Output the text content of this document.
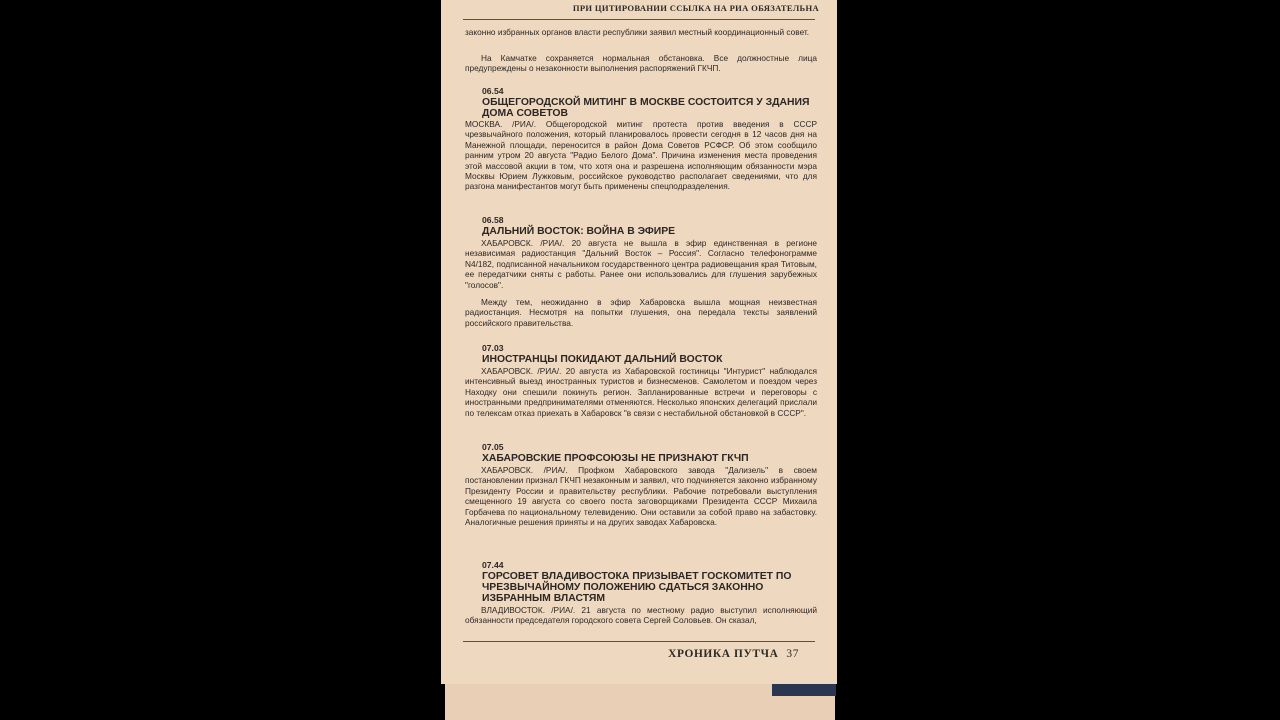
ПРИ ЦИТИРОВАНИИ ССЫЛКА НА РИА ОБЯЗАТЕЛЬНА

законно избранных органов власти республики заявил местный координационный совет.

На Камчатке сохраняется нормальная обстановка. Все должностные лица предупреждены о незаконности выполнения распоряжений ГКЧП.

06.54

ОБЩЕГОРОДСКОЙ МИТИНГ В МОСКВЕ СОСТОИТСЯ У ЗДАНИЯ ДОМА СОВЕТОВ

МОСКВА. /РИА/. Общегородской митинг протеста против введения в СССР чрезвычайного положения, который планировалось провести сегодня в 12 часов дня на Манежной площади, переносится в район Дома Советов РСФСР. Об этом сообщило ранним утром 20 августа "Радио Белого Дома". Причина изменения места проведения этой массовой акции в том, что хотя она и разрешена исполняющим обязанности мэра Москвы Юрием Лужковым, российское руководство располагает сведениями, что для разгона манифестантов могут быть применены спецподразделения.

06.58

ДАЛЬНИЙ ВОСТОК: ВОЙНА В ЭФИРЕ

ХАБАРОВСК. /РИА/. 20 августа не вышла в эфир единственная в регионе независимая радиостанция "Дальний Восток – Россия". Согласно телефонограмме N4/182, подписанной начальником государственного центра радиовещания края Титовым, ее передатчики сняты с работы. Ранее они использовались для глушения зарубежных "голосов".

Между тем, неожиданно в эфир Хабаровска вышла мощная неизвестная радиостанция. Несмотря на попытки глушения, она передала тексты заявлений российского правительства.

07.03

ИНОСТРАНЦЫ ПОКИДАЮТ ДАЛЬНИЙ ВОСТОК

ХАБАРОВСК. /РИА/. 20 августа из Хабаровской гостиницы "Интурист" наблюдался интенсивный выезд иностранных туристов и бизнесменов. Самолетом и поездом через Находку они спешили покинуть регион. Запланированные встречи и переговоры с иностранными предпринимателями отменяются. Несколько японских делегаций прислали по телексам отказ приехать в Хабаровск "в связи с нестабильной обстановкой в СССР".

07.05

ХАБАРОВСКИЕ ПРОФСОЮЗЫ НЕ ПРИЗНАЮТ ГКЧП

ХАБАРОВСК. /РИА/. Профком Хабаровского завода "Дализель" в своем постановлении признал ГКЧП незаконным и заявил, что подчиняется законно избранному Президенту России и правительству республики. Рабочие потребовали выступления смещенного 19 августа со своего поста заговорщиками Президента СССР Михаила Горбачева по национальному телевидению. Они оставили за собой право на забастовку. Аналогичные решения приняты и на других заводах Хабаровска.

07.44

ГОРСОВЕТ ВЛАДИВОСТОКА ПРИЗЫВАЕТ ГОСКОМИТЕТ ПО ЧРЕЗВЫЧАЙНОМУ ПОЛОЖЕНИЮ СДАТЬСЯ ЗАКОННО ИЗБРАННЫМ ВЛАСТЯМ

ВЛАДИВОСТОК. /РИА/. 21 августа по местному радио выступил исполняющий обязанности председателя городского совета Сергей Соловьев. Он сказал,

ХРОНИКА ПУТЧА 37
